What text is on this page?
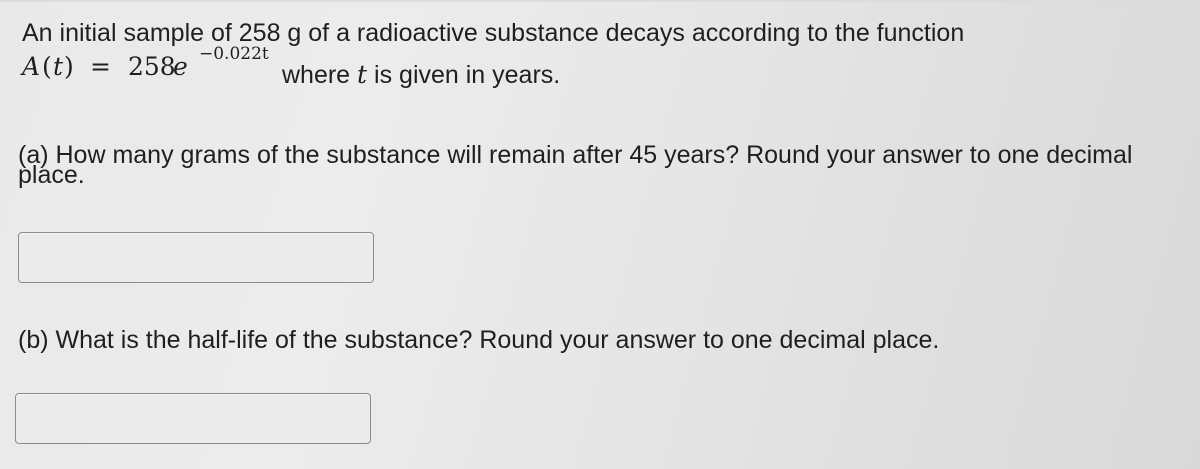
An initial sample of 258 g of a radioactive substance decays according to the function
A ( t ) = 258
e −0.022t
where t is given in years.
(a) How many grams of the substance will remain after 45 years? Round your answer to one decimal
place.
(b) What is the half-life of the substance? Round your answer to one decimal place.
